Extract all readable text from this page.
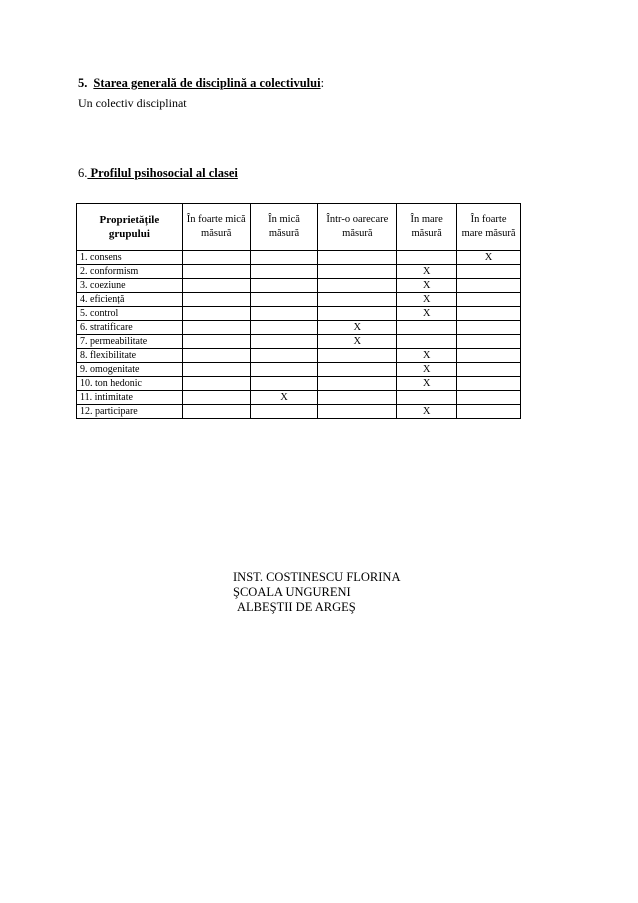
5. Starea generală de disciplină a colectivului:
Un colectiv disciplinat
6. Profilul psihosocial al clasei
Proprietățile grupului	În foarte mică măsură	În mică măsură	Într-o oarecare măsură	În mare măsură	În foarte mare măsură
1. consens					X
2. conformism				X	
3. coeziune				X	
4. eficiență				X	
5. control				X	
6. stratificare			X		
7. permeabilitate			X		
8. flexibilitate				X	
9. omogenitate				X	
10. ton hedonic				X	
11. intimitate		X			
12. participare				X	
INST. COSTINESCU FLORINA
ŞCOALA UNGURENI
ALBEŞTII DE ARGEŞ
